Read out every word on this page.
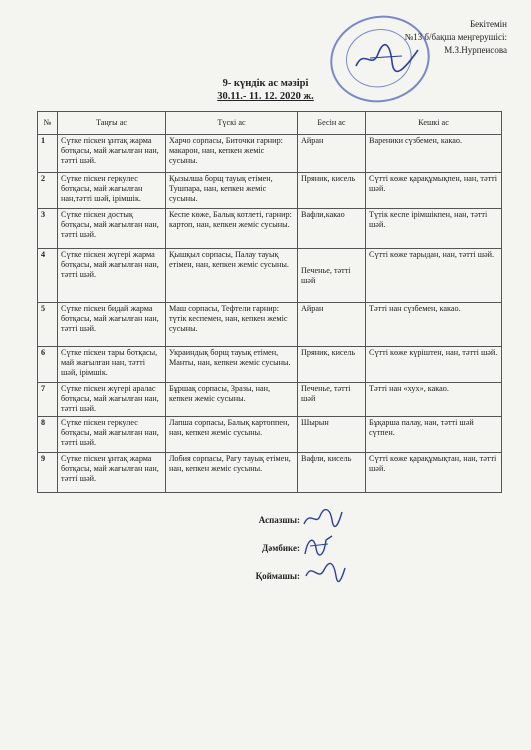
Бекітемін
№13 б/бақша меңгерушісі:
М.З.Нурпеисова
9- күндік ас мәзірі
30.11.- 11. 12. 2020 ж.
№	Таңғы ас	Түскі ас	Бесін ас	Кешкі ас
1	Сүтке піскен ұнтақ жарма ботқасы, май жағылған нан, тәтті шәй.	Харчо сорпасы, Биточки гарнир: макарон, нан, кепкен жеміс сусыны.	Айран	Вареники сүзбемен, какао.
2	Сүтке піскен геркулес ботқасы, май жағылған нан,тәтті шәй, ірімшік.	Қызылша борщ тауық етімен, Тушпара, нан, кепкен жеміс сусыны.	Пряник, кисель	Сүтті көже қарақұмықпен, нан, тәтті шәй.
3	Сүтке піскен достық ботқасы, май жағылған нан, тәтті шәй.	Кеспе көже, Балық котлеті, гарнир: картоп, нан, кепкен жеміс сусыны.	Вафли,какао	Түтік кеспе ірімшікпен, нан, тәтті шәй.
4	Сүтке піскен жүгері жарма ботқасы, май жағылған нан, тәтті шәй.	Қышқыл сорпасы, Палау тауық етімен, нан, кепкен жеміс сусыны.	Печенье, тәтті шәй	Сүтті көже тарыдан, нан, тәтті шәй.
5	Сүтке піскен бидай жарма ботқасы, май жағылған нан, тәтті шәй.	Маш сорпасы, Тефтели гарнир: түтік кеспемен, нан, кепкен жеміс сусыны.	Айран	Тәтті нан сүзбемен, какао.
6	Сүтке піскен тары ботқасы, май жағылған нан, тәтті шәй, ірімшік.	Украиндық борщ тауық етімен, Манты, нан, кепкен жеміс сусыны.	Пряник, кисель	Сүтті көже күріштен, нан, тәтті шәй.
7	Сүтке піскен жүгері аралас ботқасы, май жағылған нан, тәтті шәй.	Бұршақ сорпасы, Зразы, нан, кепкен жеміс сусыны.	Печенье, тәтті шәй	Тәтті нан «хух», какао.
8	Сүтке піскен геркулес ботқасы, май жағылған нан, тәтті шәй.	Лапша сорпасы, Балық картоппен, нан, кепкен жеміс сусыны.	Шырын	Бұқарша палау, нан, тәтті шәй сүтпен.
9	Сүтке піскен ұнтақ жарма ботқасы, май жағылған нан, тәтті шәй.	Лобия сорпасы, Рагу тауық етімен, нан, кепкен жеміс сусыны.	Вафли, кисель	Сүтті көже қарақұмықтан, нан, тәтті шәй.
Аспазшы:
Дәмбике:
Қоймашы:
